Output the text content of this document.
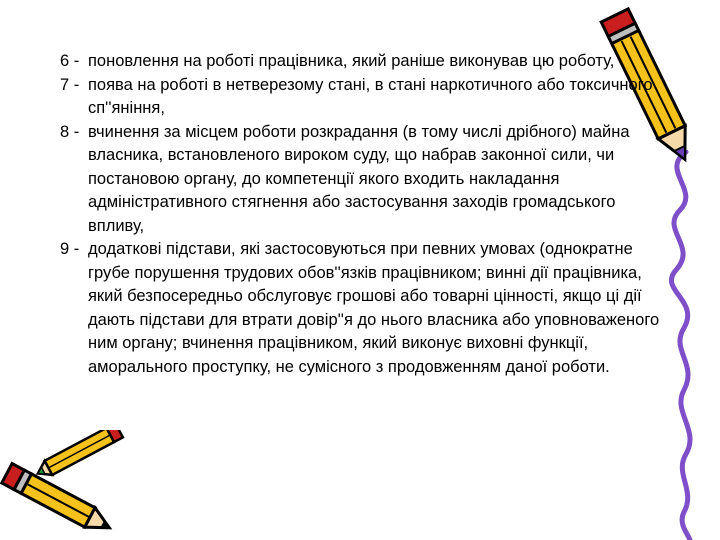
6 - поновлення на роботі працівника, який раніше виконував цю роботу,

7 - поява на роботі в нетверезому стані, в стані наркотичного або токсичного сп''яніння,

8 - вчинення за місцем роботи розкрадання (в тому числі дрібного) майна власника, встановленого вироком суду, що набрав законної сили, чи постановою органу, до компетенції якого входить накладання адміністративного стягнення або застосування заходів громадського впливу,

9 - додаткові підстави, які застосовуються при певних умовах (однократне грубе порушення трудових обов''язків працівником; винні дії працівника, який безпосередньо обслуговує грошові або товарні цінності, якщо ці дії дають підстави для втрати довір''я до нього власника або уповноваженого ним органу; вчинення працівником, який виконує виховні функції, аморального проступку, не сумісного з продовженням даної роботи.
